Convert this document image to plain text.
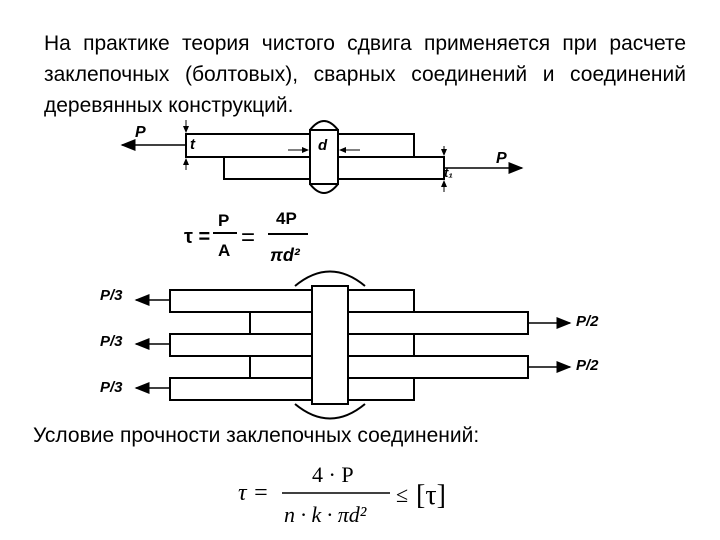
На практике теория чистого сдвига применяется при расчете заклепочных (болтовых), сварных соединений и соединений деревянных конструкций.
P
P
t
t₁
d
τ =
P
A =
4P
πd²
P/3
P/3
P/3
P/2
P/2
τ =
4 · P
n · k · πd²
≤ [τ]
Условие прочности заклепочных соединений:
